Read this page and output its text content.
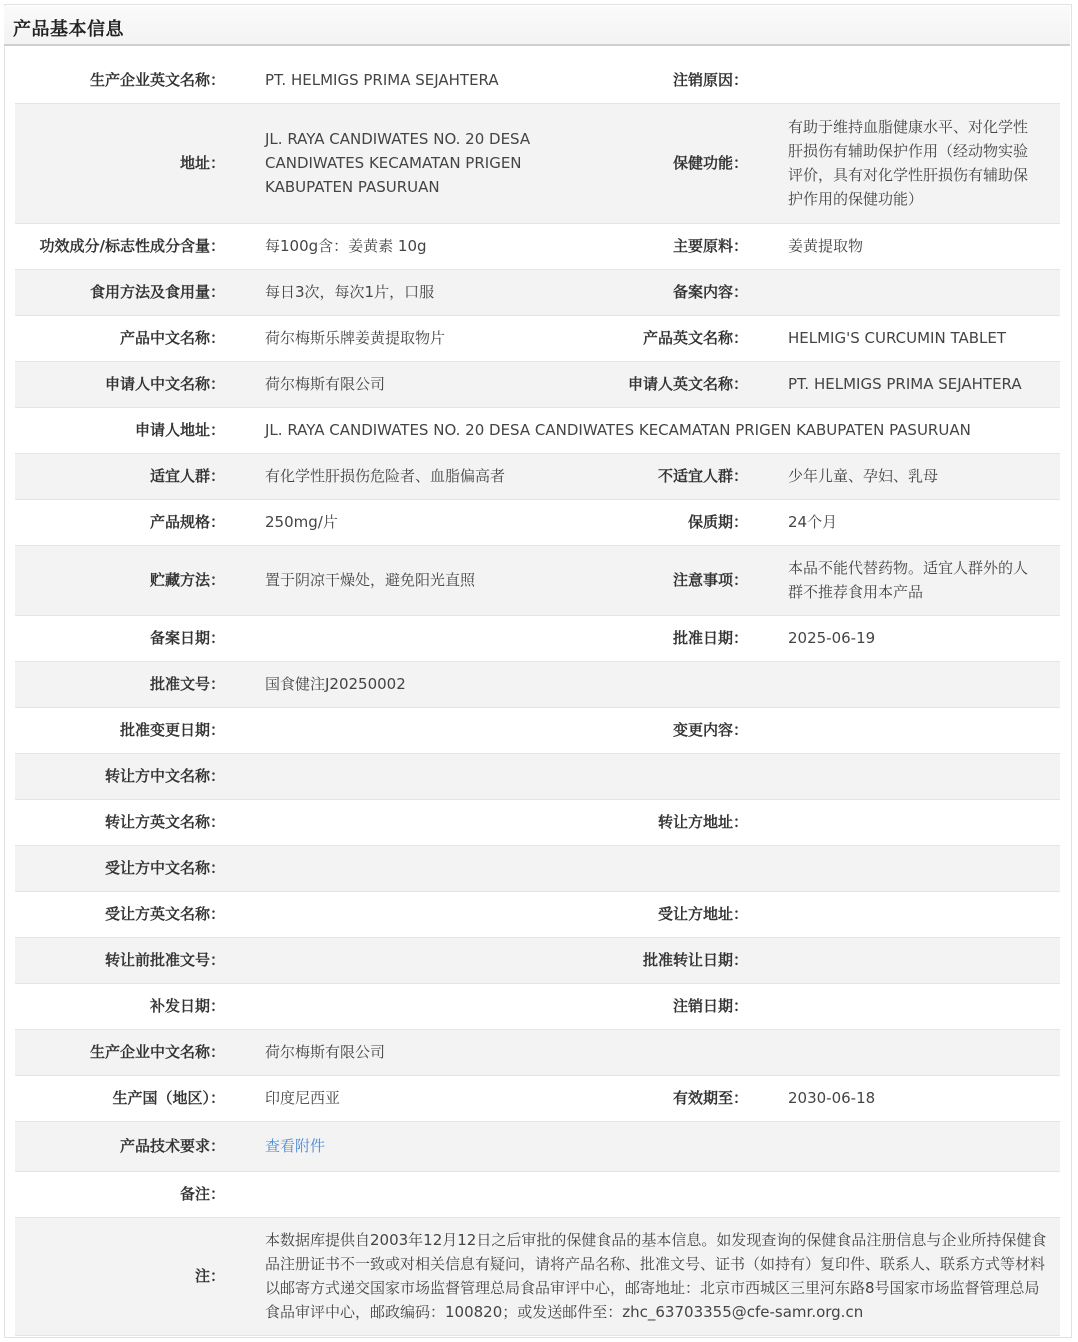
产品基本信息
生产企业英文名称：	PT. HELMIGS PRIMA SEJAHTERA	注销原因：	
地址：	JL. RAYA CANDIWATES NO. 20 DESA
CANDIWATES KECAMATAN PRIGEN
KABUPATEN PASURUAN	保健功能：	有助于维持血脂健康水平、对化学性肝损伤有辅助保护作用（经动物实验评价，具有对化学性肝损伤有辅助保护作用的保健功能）
功效成分/标志性成分含量：	每100g含：姜黄素 10g	主要原料：	姜黄提取物
食用方法及食用量：	每日3次，每次1片，口服	备案内容：	
产品中文名称：	荷尔梅斯乐牌姜黄提取物片	产品英文名称：	HELMIG'S CURCUMIN TABLET
申请人中文名称：	荷尔梅斯有限公司	申请人英文名称：	PT. HELMIGS PRIMA SEJAHTERA
申请人地址：	JL. RAYA CANDIWATES NO. 20 DESA CANDIWATES KECAMATAN PRIGEN KABUPATEN PASURUAN		
适宜人群：	有化学性肝损伤危险者、血脂偏高者	不适宜人群：	少年儿童、孕妇、乳母
产品规格：	250mg/片	保质期：	24个月
贮藏方法：	置于阴凉干燥处，避免阳光直照	注意事项：	本品不能代替药物。适宜人群外的人群不推荐食用本产品
备案日期：		批准日期：	2025-06-19
批准文号：	国食健注J20250002		
批准变更日期：		变更内容：	
转让方中文名称：			
转让方英文名称：		转让方地址：	
受让方中文名称：			
受让方英文名称：		受让方地址：	
转让前批准文号：		批准转让日期：	
补发日期：		注销日期：	
生产企业中文名称：	荷尔梅斯有限公司		
生产国（地区）：	印度尼西亚	有效期至：	2030-06-18
产品技术要求：	查看附件		
备注：			
注：	本数据库提供自2003年12月12日之后审批的保健食品的基本信息。如发现查询的保健食品注册信息与企业所持保健食品注册证书不一致或对相关信息有疑问，请将产品名称、批准文号、证书（如持有）复印件、联系人、联系方式等材料以邮寄方式递交国家市场监督管理总局食品审评中心，邮寄地址：北京市西城区三里河东路8号国家市场监督管理总局食品审评中心，邮政编码：100820；或发送邮件至：zhc_63703355@cfe-samr.org.cn		
